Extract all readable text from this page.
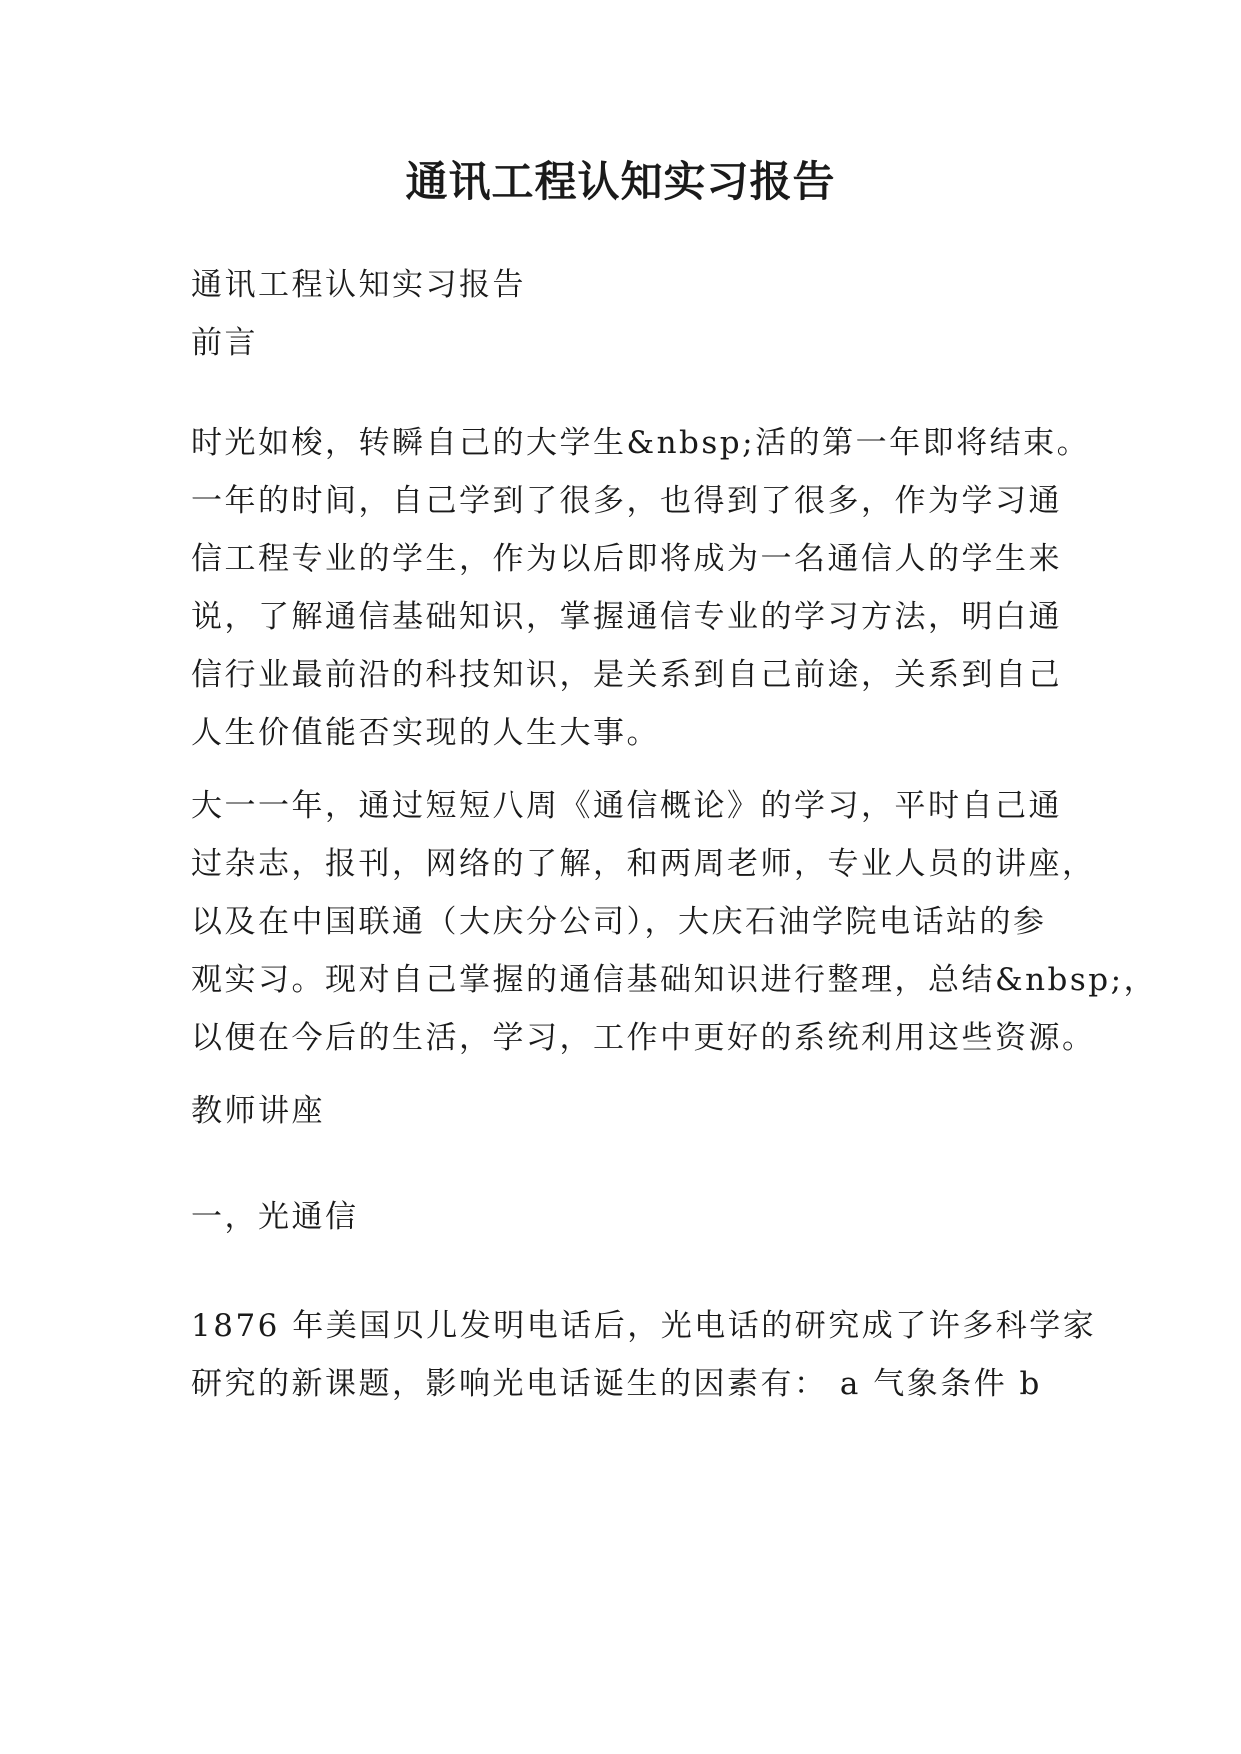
通讯工程认知实习报告

通讯工程认知实习报告
前言

时光如梭，转瞬自己的大学生&nbsp;活的第一年即将结束。
一年的时间，自己学到了很多，也得到了很多，作为学习通
信工程专业的学生，作为以后即将成为一名通信人的学生来
说，了解通信基础知识，掌握通信专业的学习方法，明白通
信行业最前沿的科技知识，是关系到自己前途，关系到自己
人生价值能否实现的人生大事。

大一一年，通过短短八周《通信概论》的学习，平时自己通
过杂志，报刊，网络的了解，和两周老师，专业人员的讲座，
以及在中国联通（大庆分公司），大庆石油学院电话站的参
观实习。现对自己掌握的通信基础知识进行整理，总结&nbsp;，
以便在今后的生活，学习，工作中更好的系统利用这些资源。

教师讲座

一，光通信

1876 年美国贝儿发明电话后，光电话的研究成了许多科学家
研究的新课题，影响光电话诞生的因素有： a 气象条件 b
